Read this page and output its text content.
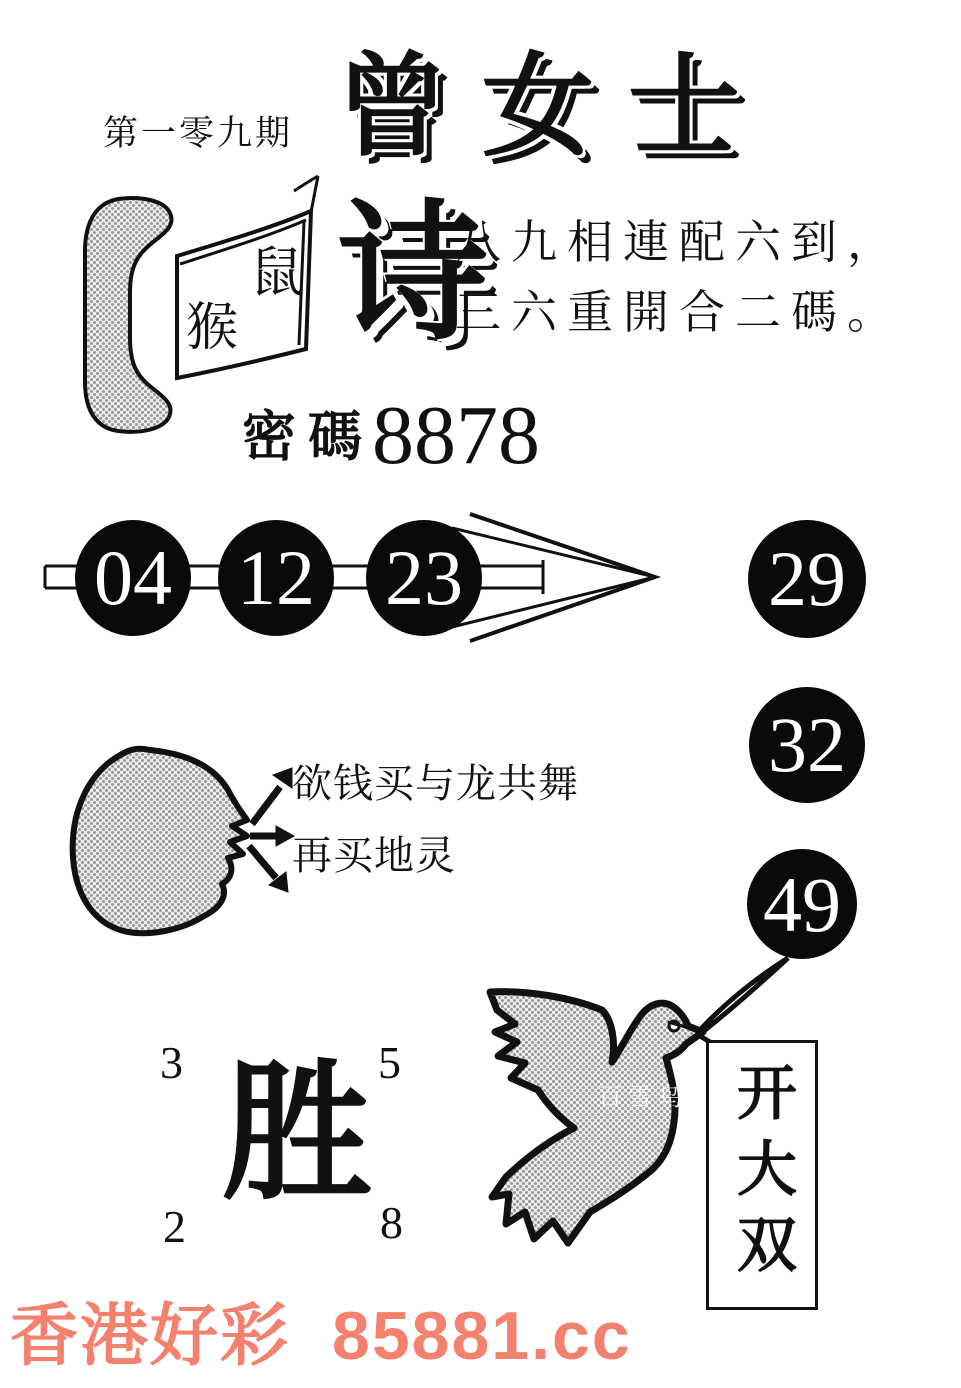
第一零九期 曾女士
鼠
猴 诗
八九相連配六到，
三六重開合二碼。
密碼
8878
04 12 23	29
32
49
欲钱买与龙共舞
再买地灵
3	5
2	8
胜	百雪鸟 开大双
香港好彩 85881.cc
